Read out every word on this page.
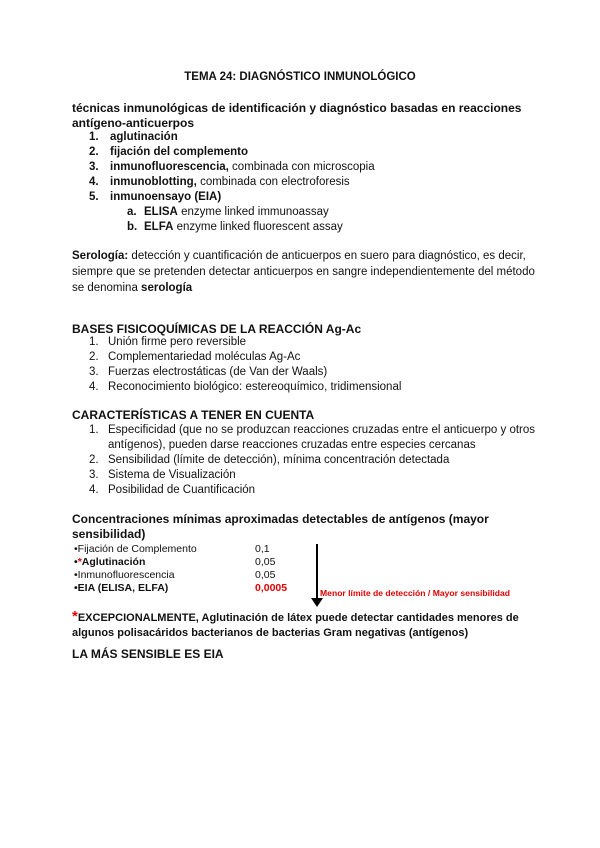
TEMA 24: DIAGNÓSTICO INMUNOLÓGICO
técnicas inmunológicas de identificación y diagnóstico basadas en reacciones
antígeno-anticuerpos
1. aglutinación
2. fijación del complemento
3. inmunofluorescencia, combinada con microscopia
4. inmunoblotting, combinada con electroforesis
5. inmunoensayo (EIA)
a. ELISA enzyme linked immunoassay
b. ELFA enzyme linked fluorescent assay
Serología: detección y cuantificación de anticuerpos en suero para diagnóstico, es decir,
siempre que se pretenden detectar anticuerpos en sangre independientemente del método
se denomina serología
BASES FISICOQUÍMICAS DE LA REACCIÓN Ag-Ac
1. Unión firme pero reversible
2. Complementariedad moléculas Ag-Ac
3. Fuerzas electrostáticas (de Van der Waals)
4. Reconocimiento biológico: estereoquímico, tridimensional
CARACTERÍSTICAS A TENER EN CUENTA
1. Especificidad (que no se produzcan reacciones cruzadas entre el anticuerpo y otros
antígenos), pueden darse reacciones cruzadas entre especies cercanas
2. Sensibilidad (límite de detección), mínima concentración detectada
3. Sistema de Visualización
4. Posibilidad de Cuantificación
Concentraciones mínimas aproximadas detectables de antígenos (mayor
sensibilidad)
•Fijación de Complemento	0,1
•*Aglutinación	0,05
•Inmunofluorescencia	0,05
•EIA (ELISA, ELFA)	0,0005	Menor límite de detección / Mayor sensibilidad
*EXCEPCIONALMENTE, Aglutinación de látex puede detectar cantidades menores de
algunos polisacáridos bacterianos de bacterias Gram negativas (antígenos)
LA MÁS SENSIBLE ES EIA
